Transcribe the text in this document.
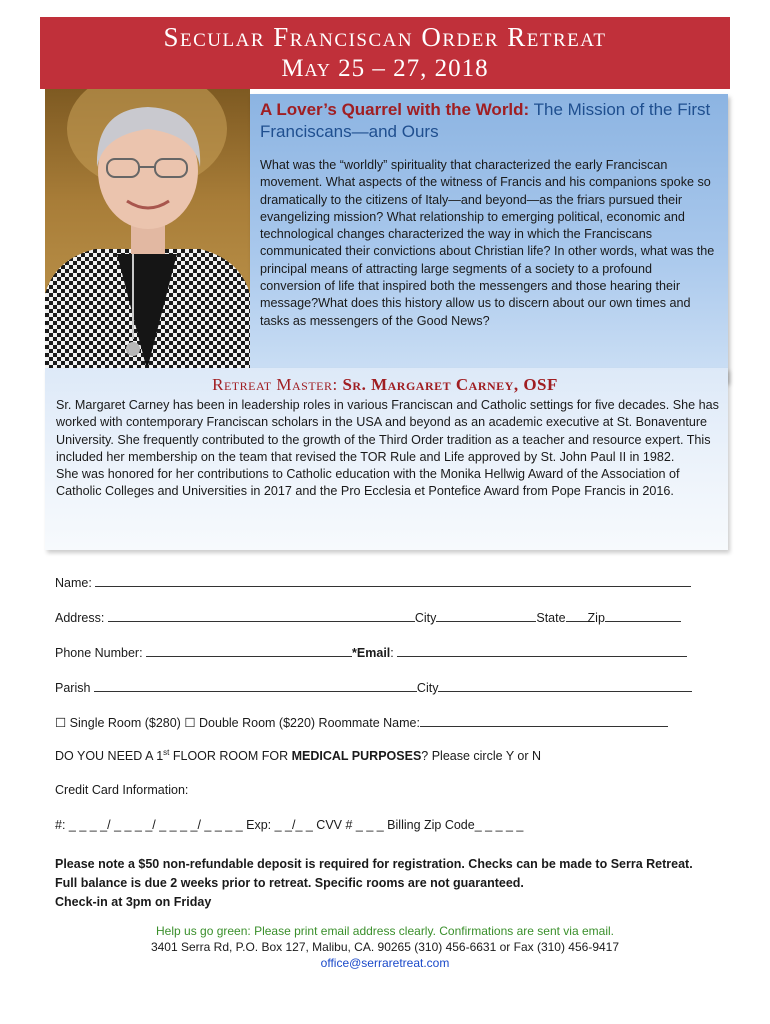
Secular Franciscan Order Retreat
May 25 – 27, 2018
A Lover’s Quarrel with the World: The Mission of the First Franciscans—and Ours
What was the “worldly” spirituality that characterized the early Franciscan movement. What aspects of the witness of Francis and his companions spoke so dramatically to the citizens of Italy—and beyond—as the friars pursued their evangelizing mission? What relationship to emerging political, economic and technological changes characterized the way in which the Franciscans communicated their convictions about Christian life? In other words, what was the principal means of attracting large segments of a society to a profound conversion of life that inspired both the messengers and those hearing their message?What does this history allow us to discern about our own times and tasks as messengers of the Good News?
Retreat Master: Sr. Margaret Carney, OSF
Sr. Margaret Carney has been in leadership roles in various Franciscan and Catholic settings for five decades. She has worked with contemporary Franciscan scholars in the USA and beyond as an academic executive at St. Bonaventure University. She frequently contributed to the growth of the Third Order tradition as a teacher and resource expert. This included her membership on the team that revised the TOR Rule and Life approved by St. John Paul II in 1982.
She was honored for her contributions to Catholic education with the Monika Hellwig Award of the Association of Catholic Colleges and Universities in 2017 and the Pro Ecclesia et Pontefice Award from Pope Francis in 2016.
Name:
Address:	City	State Zip
Phone Number:	*Email:
Parish	City
☐ Single Room ($280) ☐ Double Room ($220) Roommate Name:
DO YOU NEED A 1st FLOOR ROOM FOR MEDICAL PURPOSES? Please circle Y or N
Credit Card Information:
#: _ _ _ _/ _ _ _ _/ _ _ _ _/ _ _ _ _ Exp: _ _/_ _ CVV # _ _ _ Billing Zip Code_ _ _ _ _
Please note a $50 non-refundable deposit is required for registration. Checks can be made to Serra Retreat.
Full balance is due 2 weeks prior to retreat. Specific rooms are not guaranteed.
Check-in at 3pm on Friday
Help us go green: Please print email address clearly. Confirmations are sent via email.
3401 Serra Rd, P.O. Box 127, Malibu, CA. 90265 (310) 456-6631 or Fax (310) 456-9417
office@serraretreat.com
